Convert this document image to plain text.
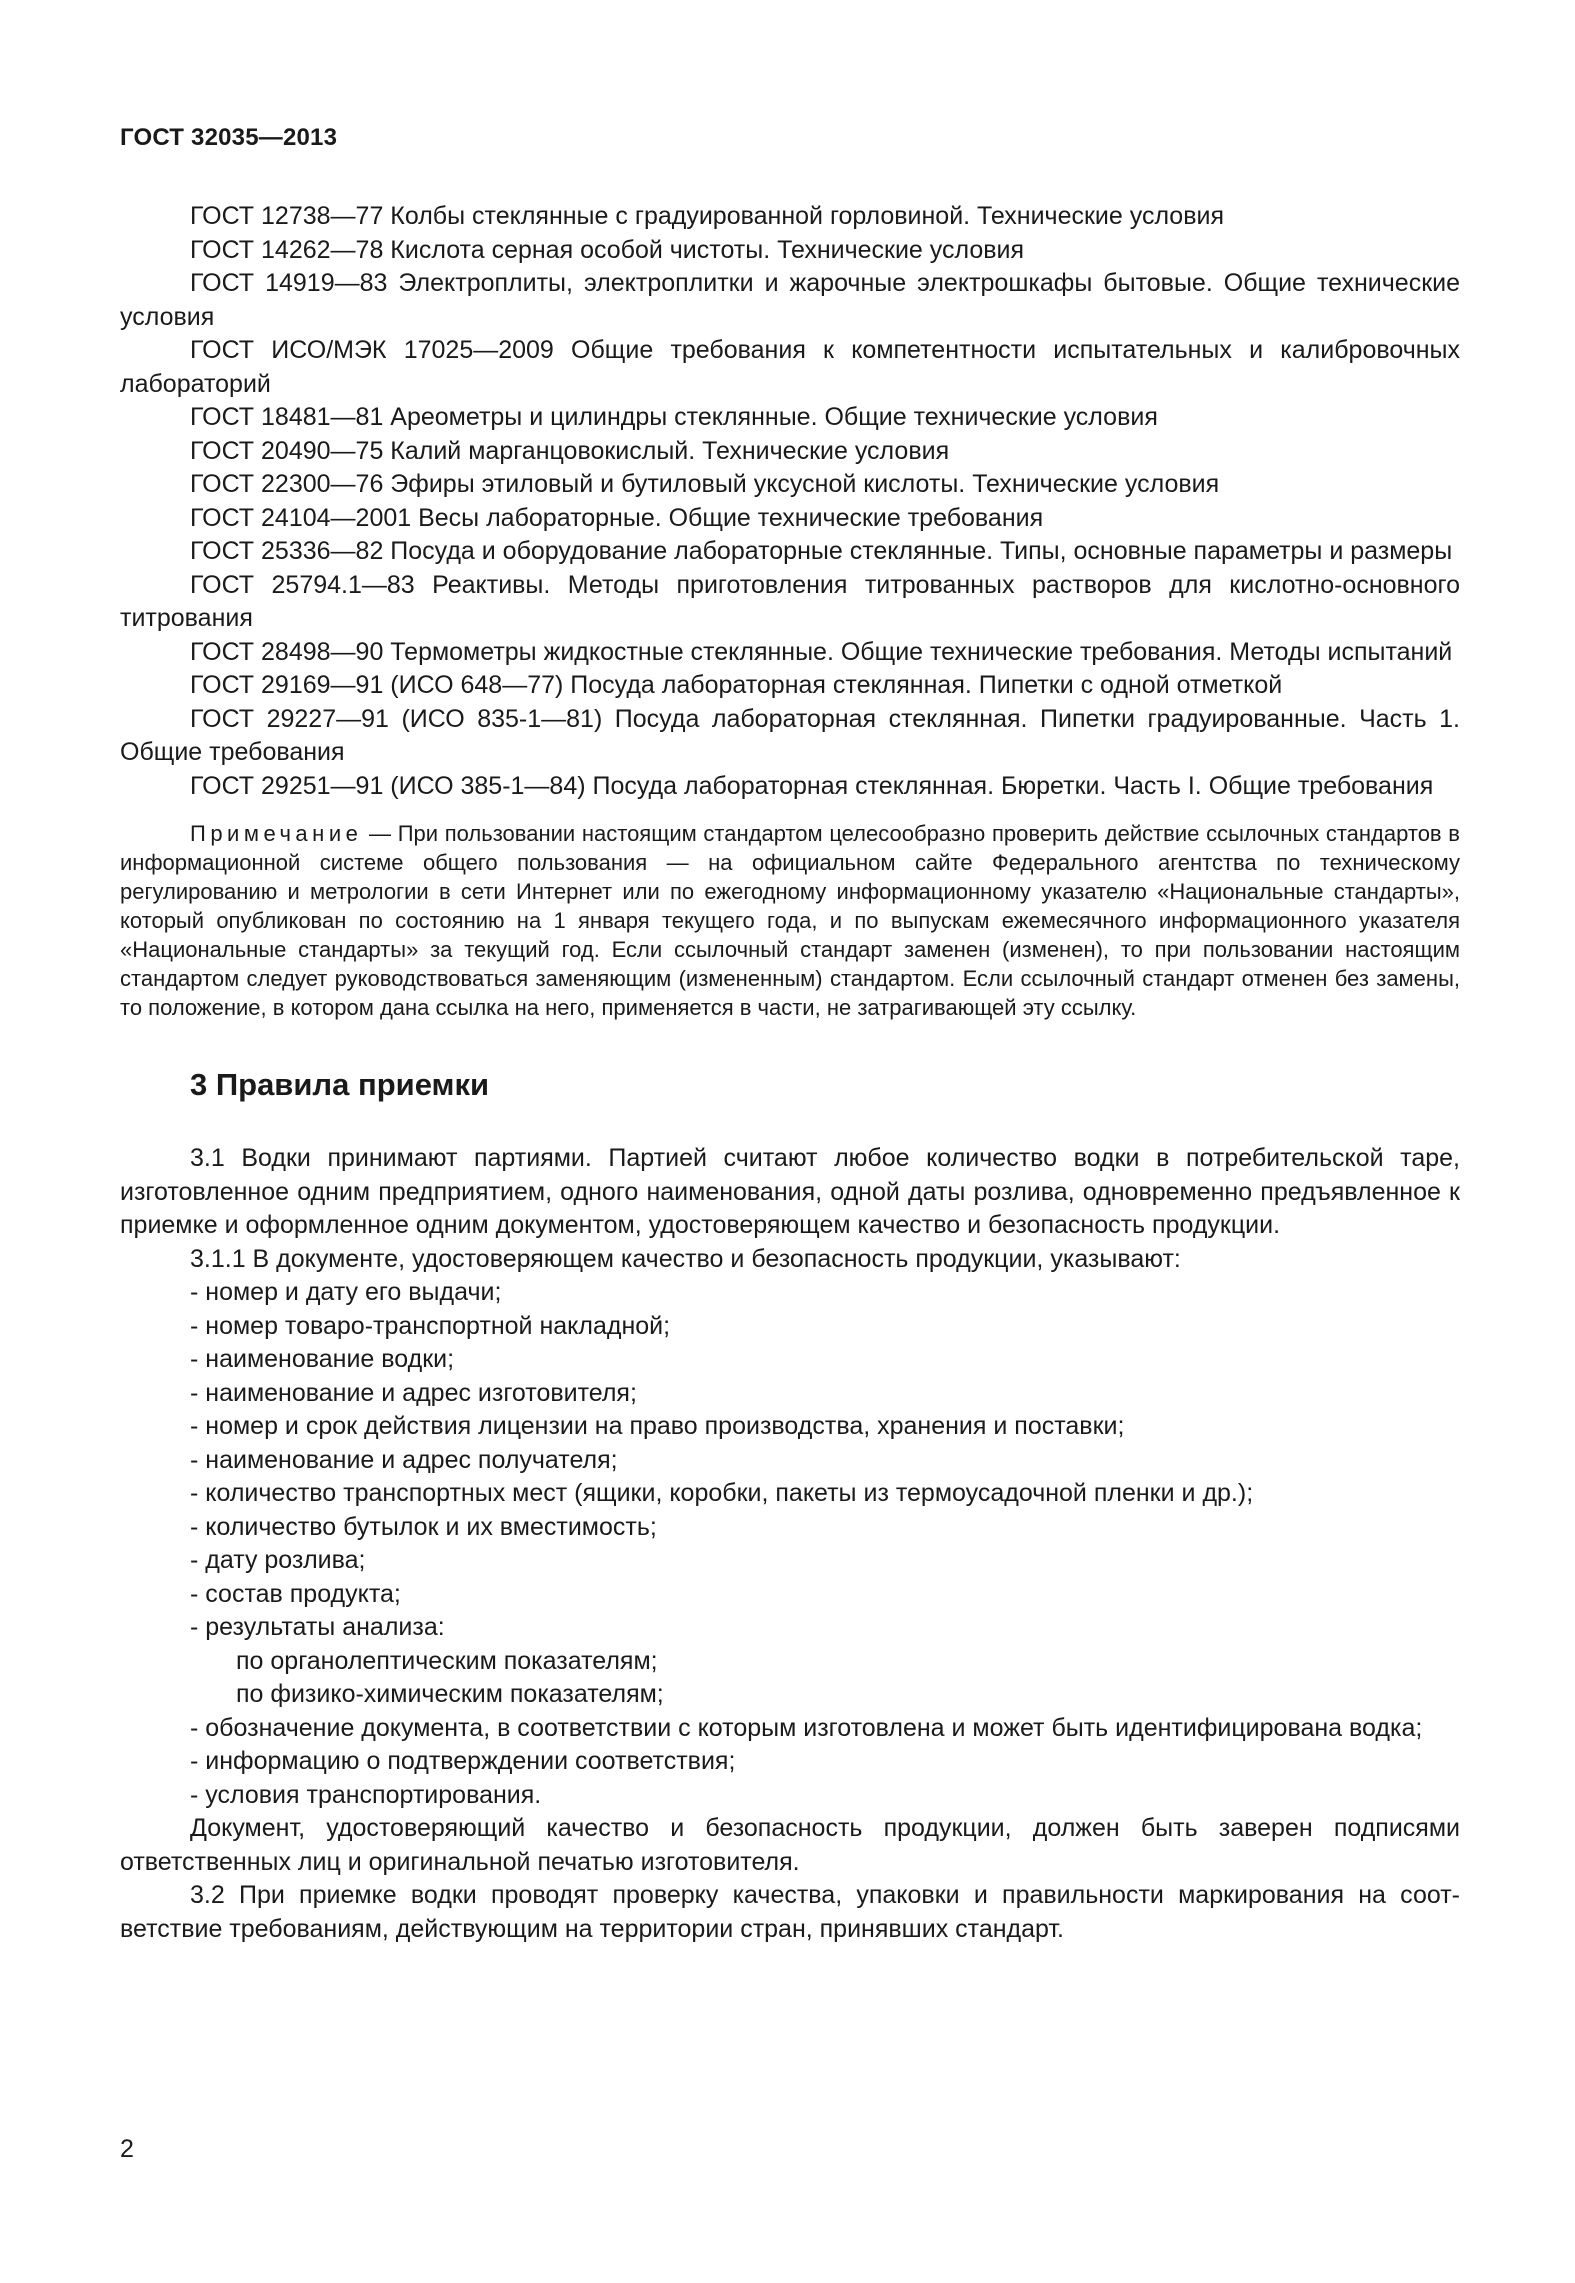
ГОСТ 32035—2013

ГОСТ 12738—77 Колбы стеклянные с градуированной горловиной. Технические условия

ГОСТ 14262—78 Кислота серная особой чистоты. Технические условия

ГОСТ 14919—83 Электроплиты, электроплитки и жарочные электрошкафы бытовые. Общие технические условия

ГОСТ ИСО/МЭК 17025—2009 Общие требования к компетентности испытательных и калибровочных лабораторий

ГОСТ 18481—81 Ареометры и цилиндры стеклянные. Общие технические условия

ГОСТ 20490—75 Калий марганцовокислый. Технические условия

ГОСТ 22300—76 Эфиры этиловый и бутиловый уксусной кислоты. Технические условия

ГОСТ 24104—2001 Весы лабораторные. Общие технические требования

ГОСТ 25336—82 Посуда и оборудование лабораторные стеклянные. Типы, основные параметры и размеры

ГОСТ 25794.1—83 Реактивы. Методы приготовления титрованных растворов для кислотно-основного титрования

ГОСТ 28498—90 Термометры жидкостные стеклянные. Общие технические требования. Методы испытаний

ГОСТ 29169—91 (ИСО 648—77) Посуда лабораторная стеклянная. Пипетки с одной отметкой

ГОСТ 29227—91 (ИСО 835-1—81) Посуда лабораторная стеклянная. Пипетки градуированные. Часть 1. Общие требования

ГОСТ 29251—91 (ИСО 385-1—84) Посуда лабораторная стеклянная. Бюретки. Часть I. Общие требования

Примечание — При пользовании настоящим стандартом целесообразно проверить действие ссылочных стандартов в информационной системе общего пользования — на официальном сайте Федерального агентства по техническому регулированию и метрологии в сети Интернет или по ежегодному информационному указателю «Национальные стандарты», который опубликован по состоянию на 1 января текущего года, и по выпускам ежемесячного информационного указателя «Национальные стандарты» за текущий год. Если ссылочный стандарт заменен (изменен), то при пользовании настоящим стандартом следует руководствоваться заменяющим (измененным) стандартом. Если ссылочный стандарт отменен без замены, то положение, в котором дана ссылка на него, применяется в части, не затрагивающей эту ссылку.

3 Правила приемки

3.1 Водки принимают партиями. Партией считают любое количество водки в потребительской таре, изготовленное одним предприятием, одного наименования, одной даты розлива, одновременно предъявленное к приемке и оформленное одним документом, удостоверяющем качество и безопасность продукции.

3.1.1 В документе, удостоверяющем качество и безопасность продукции, указывают:

- номер и дату его выдачи;

- номер товаро-транспортной накладной;

- наименование водки;

- наименование и адрес изготовителя;

- номер и срок действия лицензии на право производства, хранения и поставки;

- наименование и адрес получателя;

- количество транспортных мест (ящики, коробки, пакеты из термоусадочной пленки и др.);

- количество бутылок и их вместимость;

- дату розлива;

- состав продукта;

- результаты анализа:

по органолептическим показателям;

по физико-химическим показателям;

- обозначение документа, в соответствии с которым изготовлена и может быть идентифицирована водка;

- информацию о подтверждении соответствия;

- условия транспортирования.

Документ, удостоверяющий качество и безопасность продукции, должен быть заверен подписями ответственных лиц и оригинальной печатью изготовителя.

3.2 При приемке водки проводят проверку качества, упаковки и правильности маркирования на соответствие требованиям, действующим на территории стран, принявших стандарт.

2
